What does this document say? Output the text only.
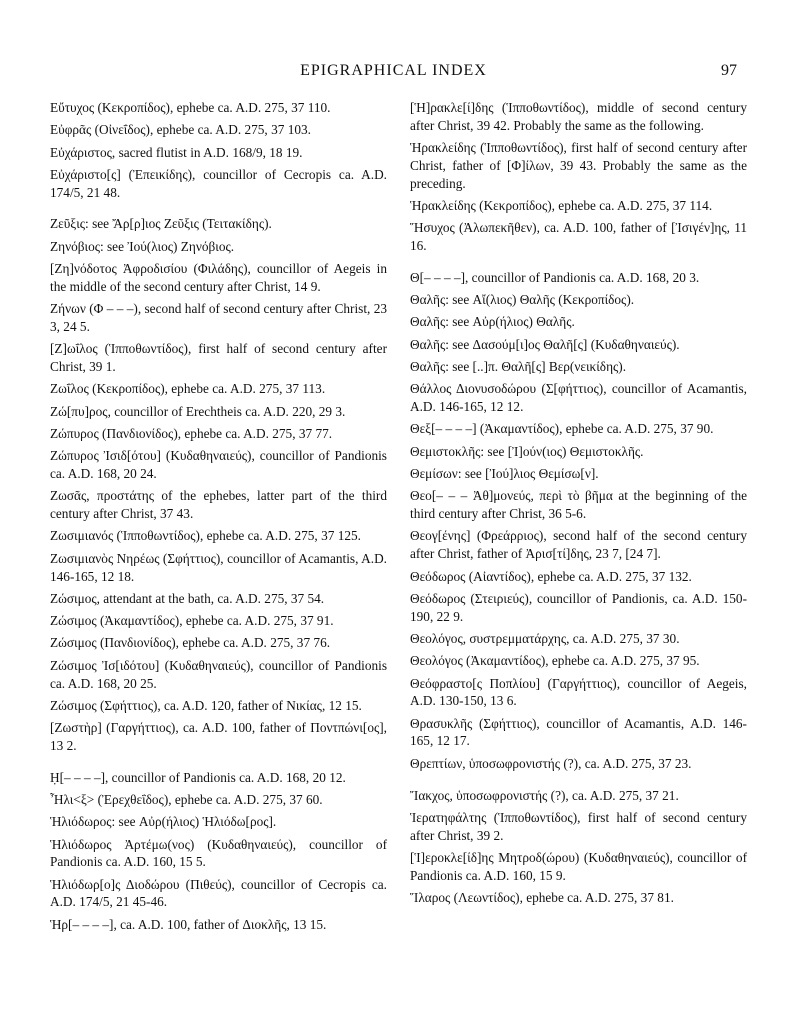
EPIGRAPHICAL INDEX	97

Εὔτυχος (Κεκροπίδος), ephebe ca. A.D. 275, 37 110.

Εὐφρᾶς (Οἰνεΐδος), ephebe ca. A.D. 275, 37 103.

Εὐχάριστος, sacred flutist in A.D. 168/9, 18 19.

Εὐχάριστο[ς] (Ἐπεικίδης), councillor of Cecropis ca. A.D. 174/5, 21 48.

Ζεῦξις: see Ἄρ[ρ]ιος Ζεῦξις (Τειτακίδης).

Ζηνόβιος: see Ἰού(λιος) Ζηνόβιος.

[Ζη]νόδοτος Ἀφροδισίου (Φιλάδης), councillor of Aegeis in the middle of the second century after Christ, 14 9.

Ζήνων (Φ – – –), second half of second century after Christ, 23 3, 24 5.

[Ζ]ωΐλος (Ἱπποθωντίδος), first half of second century after Christ, 39 1.

Ζωΐλος (Κεκροπίδος), ephebe ca. A.D. 275, 37 113.

Ζώ[πυ]ρος, councillor of Erechtheis ca. A.D. 220, 29 3.

Ζώπυρος (Πανδιονίδος), ephebe ca. A.D. 275, 37 77.

Ζώπυρος Ἰσιδ[ότου] (Κυδαθηναιεύς), councillor of Pandionis ca. A.D. 168, 20 24.

Ζωσᾶς, προστάτης of the ephebes, latter part of the third century after Christ, 37 43.

Ζωσιμιανός (Ἱπποθωντίδος), ephebe ca. A.D. 275, 37 125.

Ζωσιμιανὸς Νηρέως (Σφήττιος), councillor of Acamantis, A.D. 146-165, 12 18.

Ζώσιμος, attendant at the bath, ca. A.D. 275, 37 54.

Ζώσιμος (Ἀκαμαντίδος), ephebe ca. A.D. 275, 37 91.

Ζώσιμος (Πανδιονίδος), ephebe ca. A.D. 275, 37 76.

Ζώσιμος Ἰσ[ιδότου] (Κυδαθηναιεύς), councillor of Pandionis ca. A.D. 168, 20 25.

Ζώσιμος (Σφήττιος), ca. A.D. 120, father of Νικίας, 12 15.

[Ζωστὴρ] (Γαργήττιος), ca. A.D. 100, father of Ποντπώνι[ος], 13 2.

Ḥ[– – – –], councillor of Pandionis ca. A.D. 168, 20 12.

Ἦλι<ξ> (Ἐρεχθεΐδος), ephebe ca. A.D. 275, 37 60.

Ἡλιόδωρος: see Αὐρ(ήλιος) Ἡλιόδω[ρος].

Ἡλιόδωρος Ἀρτέμω(νος) (Κυδαθηναιεύς), councillor of Pandionis ca. A.D. 160, 15 5.

Ἡλιόδωρ[ο]ς Διοδώρου (Πιθεύς), councillor of Cecropis ca. A.D. 174/5, 21 45-46.

Ἡρ[– – – –], ca. A.D. 100, father of Διοκλῆς, 13 15.

[Ἡ]ρακλε[ί]δης (Ἱπποθωντίδος), middle of second century after Christ, 39 42. Probably the same as the following.

Ἡρακλείδης (Ἱπποθωντίδος), first half of second century after Christ, father of [Φ]ίλων, 39 43. Probably the same as the preceding.

Ἡρακλείδης (Κεκροπίδος), ephebe ca. A.D. 275, 37 114.

Ἥσυχος (Ἀλωπεκῆθεν), ca. A.D. 100, father of [Ἰσιγέν]ης, 11 16.

Θ[– – – –], councillor of Pandionis ca. A.D. 168, 20 3.

Θαλῆς: see Αἴ(λιος) Θαλῆς (Κεκροπίδος).

Θαλῆς: see Αὐρ(ήλιος) Θαλῆς.

Θαλῆς: see Δασούμ[ι]ος Θαλῆ[ς] (Κυδαθηναιεύς).

Θαλῆς: see [..]π. Θαλῆ[ς] Βερ(νεικίδης).

Θάλλος Διονυσοδώρου (Σ[φήττιος), councillor of Acamantis, A.D. 146-165, 12 12.

Θεξ[– – – –] (Ἀκαμαντίδος), ephebe ca. A.D. 275, 37 90.

Θεμιστοκλῆς: see [Ἰ]ούν(ιος) Θεμιστοκλῆς.

Θεμίσων: see [Ἰού]λιος Θεμίσω[ν].

Θεο[– – – Ἀθ]μονεύς, περὶ τὸ βῆμα at the beginning of the third century after Christ, 36 5-6.

Θεογ[ένης] (Φρεάρριος), second half of the second century after Christ, father of Ἀρισ[τί]δης, 23 7, [24 7].

Θεόδωρος (Αἰαντίδος), ephebe ca. A.D. 275, 37 132.

Θεόδωρος (Στειριεύς), councillor of Pandionis, ca. A.D. 150-190, 22 9.

Θεολόγος, συστρεμματάρχης, ca. A.D. 275, 37 30.

Θεολόγος (Ἀκαμαντίδος), ephebe ca. A.D. 275, 37 95.

Θεόφραστο[ς Ποπλίου] (Γαργήττιος), councillor of Aegeis, A.D. 130-150, 13 6.

Θρασυκλῆς (Σφήττιος), councillor of Acamantis, A.D. 146-165, 12 17.

Θρεπτίων, ὑποσωφρονιστής (?), ca. A.D. 275, 37 23.

Ἴακχος, ὑποσωφρονιστής (?), ca. A.D. 275, 37 21.

Ἱερατηφάλτης (Ἱπποθωντίδος), first half of second century after Christ, 39 2.

[Ἱ]εροκλε[ίδ]ης Μητροδ(ώρου) (Κυδαθηναιεύς), councillor of Pandionis ca. A.D. 160, 15 9.

Ἵλαρος (Λεωντίδος), ephebe ca. A.D. 275, 37 81.
